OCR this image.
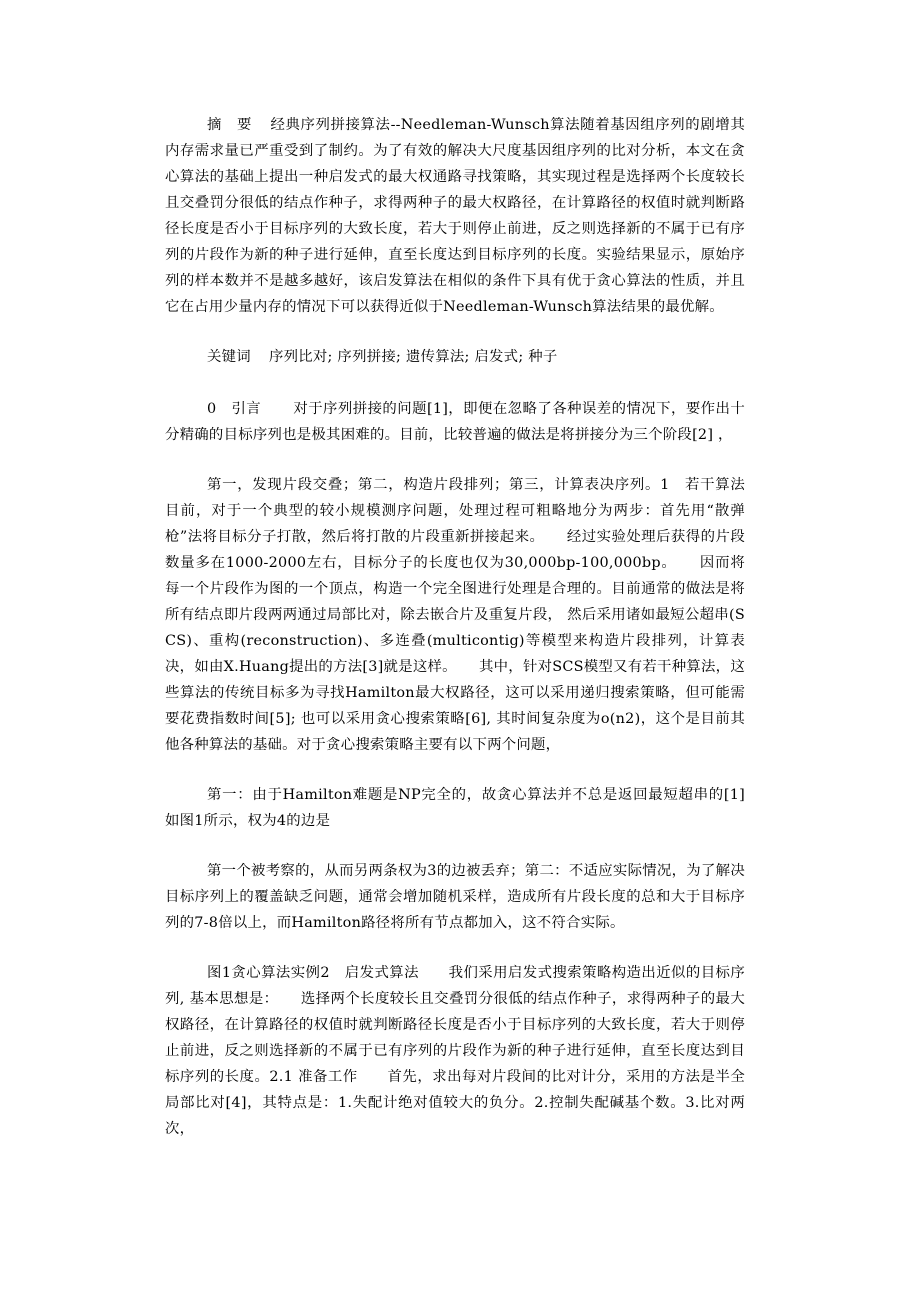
摘　要 经典序列拼接算法--Needleman-Wunsch算法随着基因组序列的剧增其内存需求量已严重受到了制约。为了有效的解决大尺度基因组序列的比对分析，本文在贪心算法的基础上提出一种启发式的最大权通路寻找策略，其实现过程是选择两个长度较长且交叠罚分很低的结点作种子，求得两种子的最大权路径，在计算路径的权值时就判断路径长度是否小于目标序列的大致长度，若大于则停止前进，反之则选择新的不属于已有序列的片段作为新的种子进行延伸，直至长度达到目标序列的长度。实验结果显示，原始序列的样本数并不是越多越好，该启发算法在相似的条件下具有优于贪心算法的性质，并且它在占用少量内存的情况下可以获得近似于Needleman-Wunsch算法结果的最优解。

关键词 序列比对; 序列拼接; 遗传算法; 启发式; 种子

0　引言 对于序列拼接的问题[1]，即便在忽略了各种误差的情况下，要作出十分精确的目标序列也是极其困难的。目前，比较普遍的做法是将拼接分为三个阶段[2] ，

第一，发现片段交叠；第二，构造片段排列；第三，计算表决序列。1　若干算法　　目前，对于一个典型的较小规模测序问题，处理过程可粗略地分为两步：首先用“散弹枪”法将目标分子打散，然后将打散的片段重新拼接起来。　　经过实验处理后获得的片段数量多在1000-2000左右，目标分子的长度也仅为30,000bp-100,000bp。　　因而将每一个片段作为图的一个顶点，构造一个完全图进行处理是合理的。目前通常的做法是将所有结点即片段两两通过局部比对，除去嵌合片及重复片段， 然后采用诸如最短公超串(SCS)、重构(reconstruction)、多连叠(multicontig)等模型来构造片段排列，计算表决，如由X.Huang提出的方法[3]就是这样。　　其中，针对SCS模型又有若干种算法，这些算法的传统目标多为寻找Hamilton最大权路径，这可以采用递归搜索策略，但可能需要花费指数时间[5]; 也可以采用贪心搜索策略[6], 其时间复杂度为o(n2)，这个是目前其他各种算法的基础。对于贪心搜索策略主要有以下两个问题，

第一：由于Hamilton难题是NP完全的，故贪心算法并不总是返回最短超串的[1]如图1所示，权为4的边是

第一个被考察的，从而另两条权为3的边被丢弃；第二：不适应实际情况，为了解决目标序列上的覆盖缺乏问题，通常会增加随机采样，造成所有片段长度的总和大于目标序列的7-8倍以上，而Hamilton路径将所有节点都加入，这不符合实际。

图1贪心算法实例2　启发式算法　　我们采用启发式搜索策略构造出近似的目标序列, 基本思想是：　　选择两个长度较长且交叠罚分很低的结点作种子，求得两种子的最大权路径，在计算路径的权值时就判断路径长度是否小于目标序列的大致长度，若大于则停止前进，反之则选择新的不属于已有序列的片段作为新的种子进行延伸，直至长度达到目标序列的长度。2.1 准备工作　　首先，求出每对片段间的比对计分，采用的方法是半全局部比对[4]，其特点是：1.失配计绝对值较大的负分。2.控制失配碱基个数。3.比对两次，
